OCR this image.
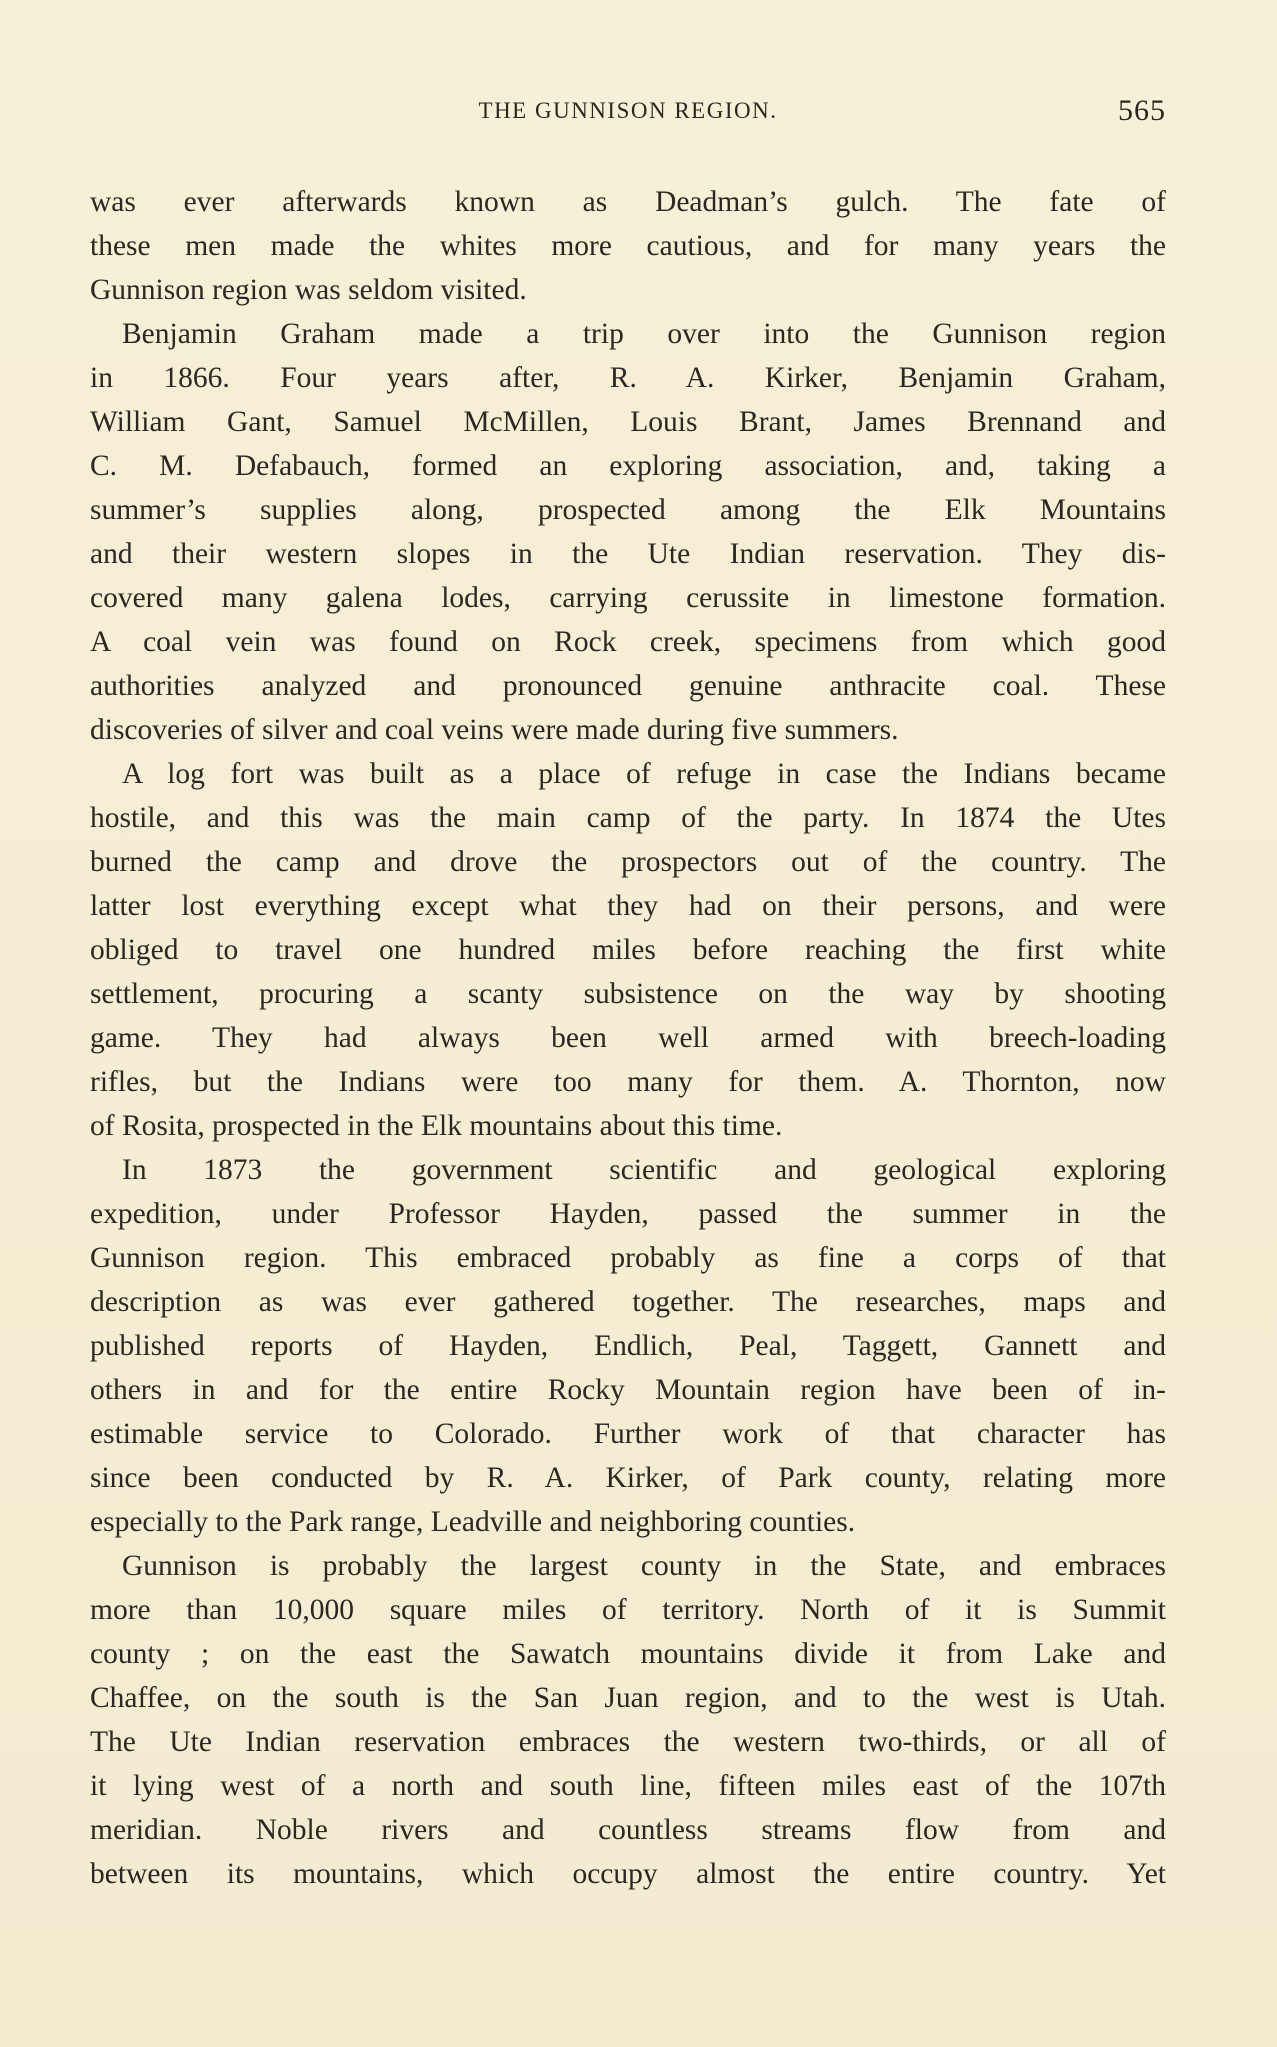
THE GUNNISON REGION.	565
was ever afterwards known as Deadman’s gulch. The fate of
these men made the whites more cautious, and for many years the
Gunnison region was seldom visited.
Benjamin Graham made a trip over into the Gunnison region
in 1866. Four years after, R. A. Kirker, Benjamin Graham,
William Gant, Samuel McMillen, Louis Brant, James Brennand and
C. M. Defabauch, formed an exploring association, and, taking a
summer’s supplies along, prospected among the Elk Mountains
and their western slopes in the Ute Indian reservation. They dis-
covered many galena lodes, carrying cerussite in limestone formation.
A coal vein was found on Rock creek, specimens from which good
authorities analyzed and pronounced genuine anthracite coal. These
discoveries of silver and coal veins were made during five summers.
A log fort was built as a place of refuge in case the Indians became
hostile, and this was the main camp of the party. In 1874 the Utes
burned the camp and drove the prospectors out of the country. The
latter lost everything except what they had on their persons, and were
obliged to travel one hundred miles before reaching the first white
settlement, procuring a scanty subsistence on the way by shooting
game. They had always been well armed with breech-loading
rifles, but the Indians were too many for them. A. Thornton, now
of Rosita, prospected in the Elk mountains about this time.
In 1873 the government scientific and geological exploring
expedition, under Professor Hayden, passed the summer in the
Gunnison region. This embraced probably as fine a corps of that
description as was ever gathered together. The researches, maps and
published reports of Hayden, Endlich, Peal, Taggett, Gannett and
others in and for the entire Rocky Mountain region have been of in-
estimable service to Colorado. Further work of that character has
since been conducted by R. A. Kirker, of Park county, relating more
especially to the Park range, Leadville and neighboring counties.
Gunnison is probably the largest county in the State, and embraces
more than 10,000 square miles of territory. North of it is Summit
county ; on the east the Sawatch mountains divide it from Lake and
Chaffee, on the south is the San Juan region, and to the west is Utah.
The Ute Indian reservation embraces the western two-thirds, or all of
it lying west of a north and south line, fifteen miles east of the 107th
meridian. Noble rivers and countless streams flow from and
between its mountains, which occupy almost the entire country. Yet
